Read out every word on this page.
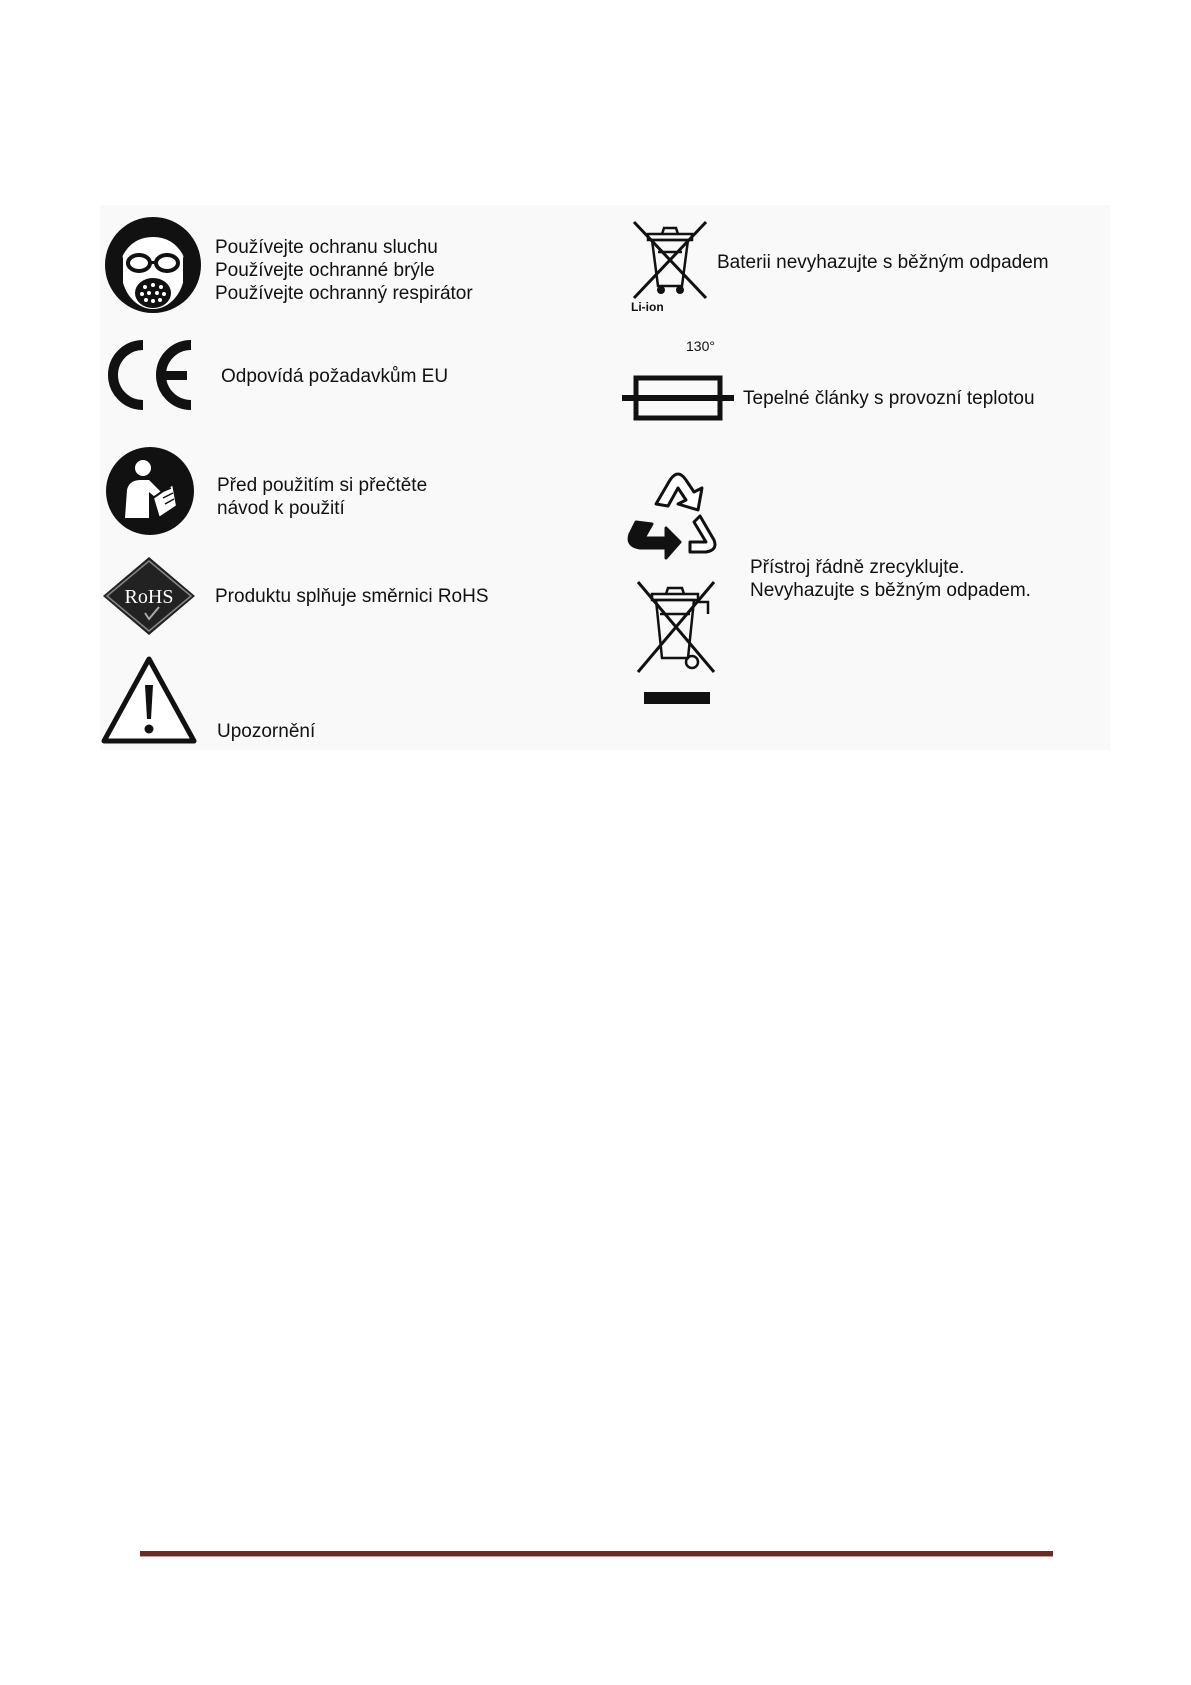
Používejte ochranu sluchu
Používejte ochranné brýle
Používejte ochranný respirátor
Odpovídá požadavkům EU
Před použitím si přečtěte
návod k použití
RoHS Produktu splňuje směrnici RoHS
Upozornění
Li-ion
Baterii nevyhazujte s běžným odpadem
130°
Tepelné články s provozní teplotou
Přístroj řádně zrecyklujte.
Nevyhazujte s běžným odpadem.
